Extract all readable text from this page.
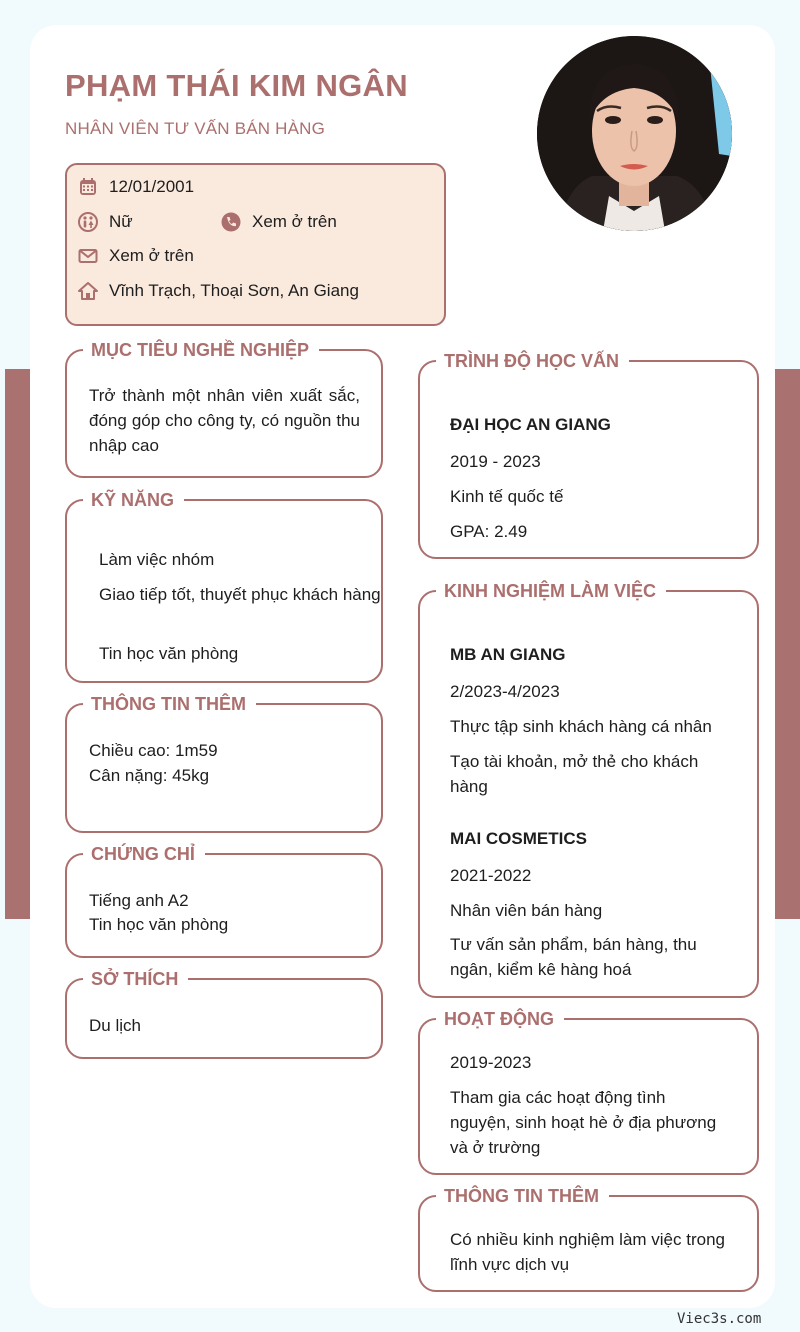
PHẠM THÁI KIM NGÂN
NHÂN VIÊN TƯ VẤN BÁN HÀNG
12/01/2001
Nữ	Xem ở trên
Xem ở trên
Vĩnh Trạch, Thoại Sơn, An Giang
MỤC TIÊU NGHỀ NGHIỆP
Trở thành một nhân viên xuất sắc, đóng góp cho công ty, có nguồn thu nhập cao
KỸ NĂNG
Làm việc nhóm
Giao tiếp tốt, thuyết phục khách hàng
Tin học văn phòng
THÔNG TIN THÊM
Chiều cao: 1m59
Cân nặng: 45kg
CHỨNG CHỈ
Tiếng anh A2
Tin học văn phòng
SỞ THÍCH
Du lịch
TRÌNH ĐỘ HỌC VẤN
ĐẠI HỌC AN GIANG
2019 - 2023
Kinh tế quốc tế
GPA: 2.49
KINH NGHIỆM LÀM VIỆC
MB AN GIANG
2/2023-4/2023
Thực tập sinh khách hàng cá nhân
Tạo tài khoản, mở thẻ cho khách hàng
MAI COSMETICS
2021-2022
Nhân viên bán hàng
Tư vấn sản phẩm, bán hàng, thu ngân, kiểm kê hàng hoá
HOẠT ĐỘNG
2019-2023
Tham gia các hoạt động tình nguyện, sinh hoạt hè ở địa phương và ở trường
THÔNG TIN THÊM
Có nhiều kinh nghiệm làm việc trong lĩnh vực dịch vụ
Viec3s.com
